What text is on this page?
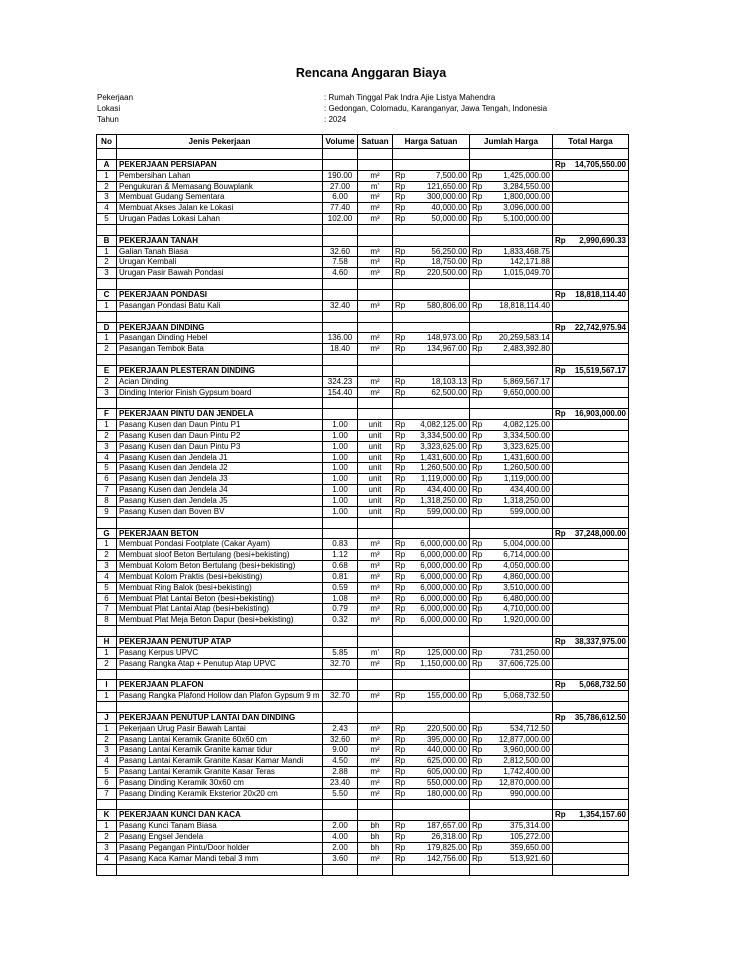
Rencana Anggaran Biaya
Pekerjaan	: Rumah Tinggal Pak Indra Ajie Listya Mahendra
Lokasi	: Gedongan, Colomadu, Karanganyar, Jawa Tengah, Indonesia
Tahun	: 2024
No	Jenis Pekerjaan	Volume	Satuan	Harga Satuan		Jumlah Harga		Total Harga	

A	PEKERJAAN PERSIAPAN							Rp	14,705,550.00
1	Pembersihan Lahan	190.00	m²	Rp	7,500.00	Rp	1,425,000.00		
2	Pengukuran & Memasang Bouwplank	27.00	m'	Rp	121,650.00	Rp	3,284,550.00		
3	Membuat Gudang Sementara	6.00	m²	Rp	300,000.00	Rp	1,800,000.00		
4	Membuat Akses Jalan ke Lokasi	77.40	m²	Rp	40,000.00	Rp	3,096,000.00		
5	Urugan Padas Lokasi Lahan	102.00	m³	Rp	50,000.00	Rp	5,100,000.00		

B	PEKERJAAN TANAH							Rp	2,990,690.33
1	Galian Tanah Biasa	32.60	m³	Rp	56,250.00	Rp	1,833,468.75		
2	Urugan Kembali	7.58	m³	Rp	18,750.00	Rp	142,171.88		
3	Urugan Pasir Bawah Pondasi	4.60	m³	Rp	220,500.00	Rp	1,015,049.70		

C	PEKERJAAN PONDASI							Rp	18,818,114.40
1	Pasangan Pondasi Batu Kali	32.40	m³	Rp	580,806.00	Rp	18,818,114.40		

D	PEKERJAAN DINDING							Rp	22,742,975.94
1	Pasangan Dinding Hebel	136.00	m²	Rp	148,973.00	Rp	20,259,583.14		
2	Pasangan Tembok Bata	18.40	m²	Rp	134,967.00	Rp	2,483,392.80		

E	PEKERJAAN PLESTERAN DINDING							Rp	15,519,567.17
2	Acian Dinding	324.23	m²	Rp	18,103.13	Rp	5,869,567.17		
3	Dinding Interior Finish Gypsum board	154.40	m²	Rp	62,500.00	Rp	9,650,000.00		

F	PEKERJAAN PINTU DAN JENDELA							Rp	16,903,000.00
1	Pasang Kusen dan Daun Pintu P1	1.00	unit	Rp	4,082,125.00	Rp	4,082,125.00		
2	Pasang Kusen dan Daun Pintu P2	1.00	unit	Rp	3,334,500.00	Rp	3,334,500.00		
3	Pasang Kusen dan Daun Pintu P3	1.00	unit	Rp	3,323,625.00	Rp	3,323,625.00		
4	Pasang Kusen dan Jendela J1	1.00	unit	Rp	1,431,600.00	Rp	1,431,600.00		
5	Pasang Kusen dan Jendela J2	1.00	unit	Rp	1,260,500.00	Rp	1,260,500.00		
6	Pasang Kusen dan Jendela J3	1.00	unit	Rp	1,119,000.00	Rp	1,119,000.00		
7	Pasang Kusen dan Jendela J4	1.00	unit	Rp	434,400.00	Rp	434,400.00		
8	Pasang Kusen dan Jendela J5	1.00	unit	Rp	1,318,250.00	Rp	1,318,250.00		
9	Pasang Kusen dan Boven BV	1.00	unit	Rp	599,000.00	Rp	599,000.00		

G	PEKERJAAN BETON							Rp	37,248,000.00
1	Membuat Pondasi Footplate (Cakar Ayam)	0.83	m³	Rp	6,000,000.00	Rp	5,004,000.00		
2	Membuat sloof Beton Bertulang (besi+bekisting)	1.12	m³	Rp	6,000,000.00	Rp	6,714,000.00		
3	Membuat Kolom Beton Bertulang (besi+bekisting)	0.68	m³	Rp	6,000,000.00	Rp	4,050,000.00		
4	Membuat Kolom Praktis (besi+bekisting)	0.81	m³	Rp	6,000,000.00	Rp	4,860,000.00		
5	Membuat Ring Balok (besi+bekisting)	0.59	m³	Rp	6,000,000.00	Rp	3,510,000.00		
6	Membuat Plat Lantai Beton (besi+bekisting)	1.08	m³	Rp	6,000,000.00	Rp	6,480,000.00		
7	Membuat Plat Lantai Atap (besi+bekisting)	0.79	m³	Rp	6,000,000.00	Rp	4,710,000.00		
8	Membuat Plat Meja Beton Dapur (besi+bekisting)	0.32	m³	Rp	6,000,000.00	Rp	1,920,000.00		

H	PEKERJAAN PENUTUP ATAP							Rp	38,337,975.00
1	Pasang Kerpus UPVC	5.85	m'	Rp	125,000.00	Rp	731,250.00		
2	Pasang Rangka Atap + Penutup Atap UPVC	32.70	m²	Rp	1,150,000.00	Rp	37,606,725.00		

I	PEKERJAAN PLAFON							Rp	5,068,732.50
1	Pasang Rangka Plafond Hollow dan Plafon Gypsum 9 m	32.70	m²	Rp	155,000.00	Rp	5,068,732.50		

J	PEKERJAAN PENUTUP LANTAI DAN DINDING							Rp	35,786,612.50
1	Pekerjaan Urug Pasir Bawah Lantai	2.43	m³	Rp	220,500.00	Rp	534,712.50		
2	Pasang Lantai Keramik Granite 60x60 cm	32.60	m²	Rp	395,000.00	Rp	12,877,000.00		
3	Pasang Lantai Keramik Granite kamar tidur	9.00	m²	Rp	440,000.00	Rp	3,960,000.00		
4	Pasang Lantai Keramik Granite Kasar Kamar Mandi	4.50	m²	Rp	625,000.00	Rp	2,812,500.00		
5	Pasang Lantai Keramik Granite Kasar Teras	2.88	m²	Rp	605,000.00	Rp	1,742,400.00		
6	Pasang Dinding Keramik 30x60 cm	23.40	m²	Rp	550,000.00	Rp	12,870,000.00		
7	Pasang Dinding Keramik Eksterior 20x20 cm	5.50	m²	Rp	180,000.00	Rp	990,000.00		

K	PEKERJAAN KUNCI DAN KACA							Rp	1,354,157.60
1	Pasang Kunci Tanam Biasa	2.00	bh	Rp	187,657.00	Rp	375,314.00		
2	Pasang Engsel Jendela	4.00	bh	Rp	26,318.00	Rp	105,272.00		
3	Pasang Pegangan Pintu/Door holder	2.00	bh	Rp	179,825.00	Rp	359,650.00		
4	Pasang Kaca Kamar Mandi tebal 3 mm	3.60	m²	Rp	142,756.00	Rp	513,921.60		
